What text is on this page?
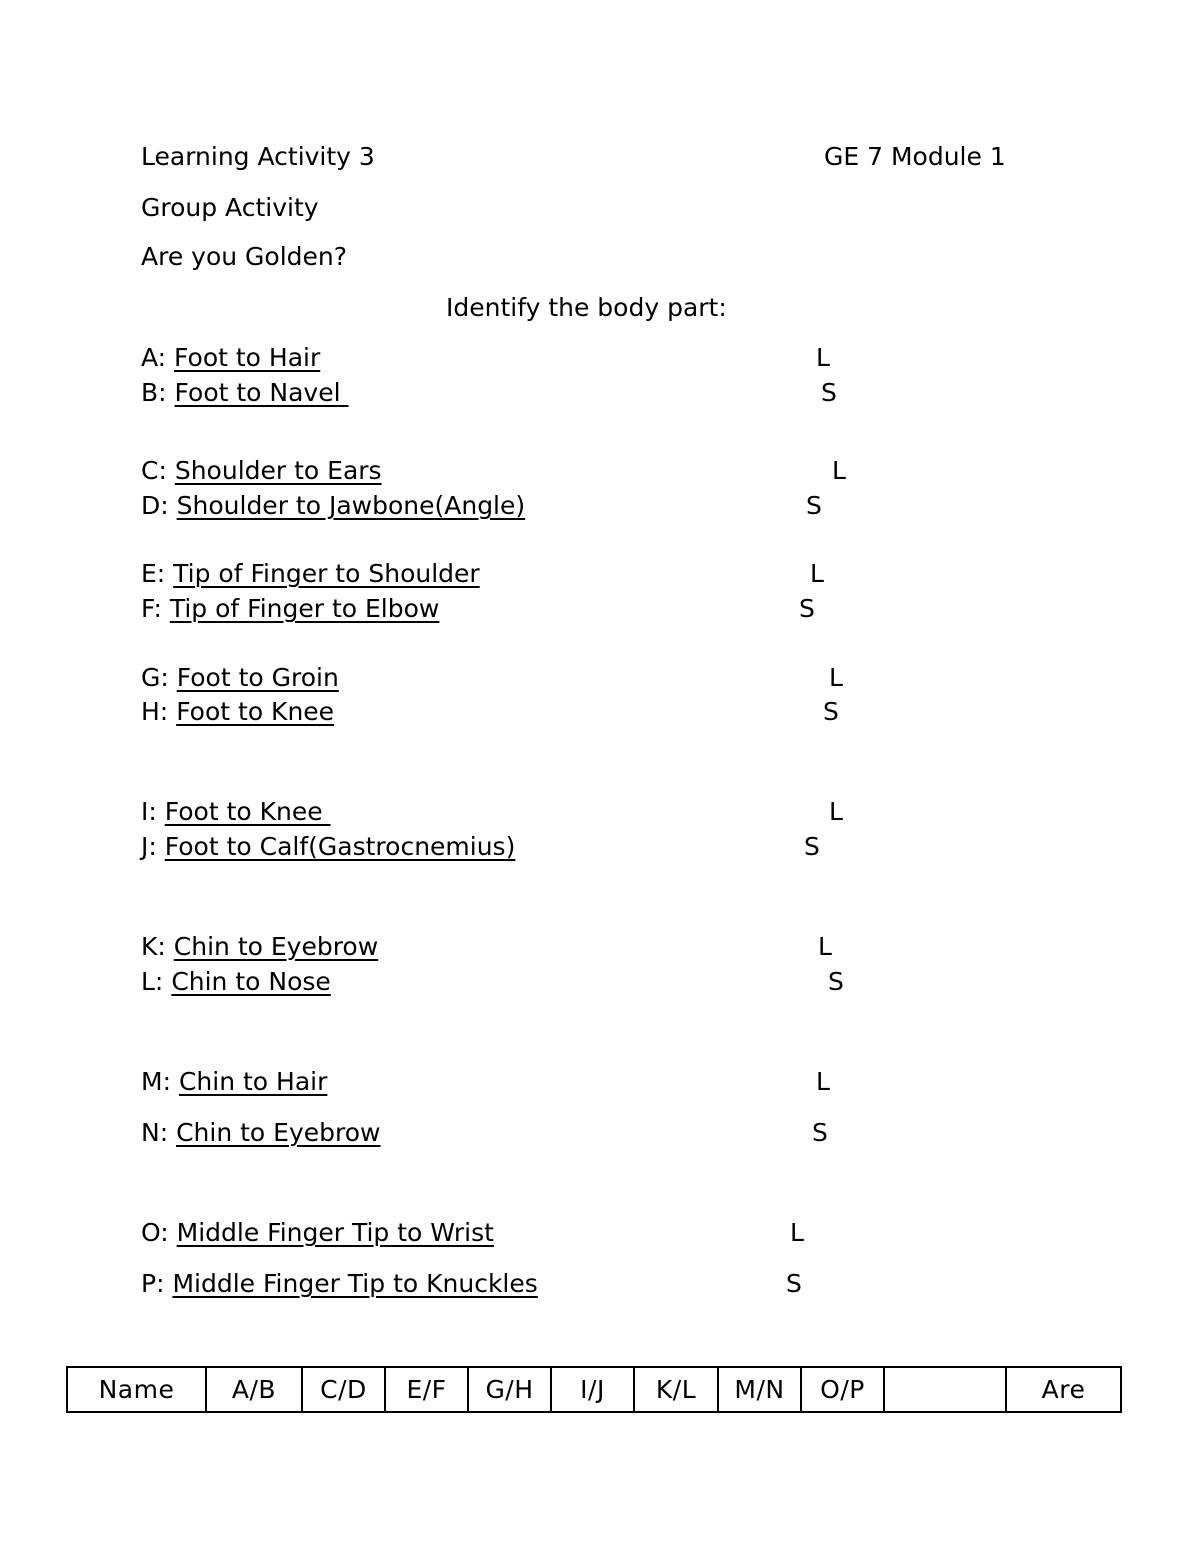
Learning Activity 3	GE 7 Module 1
Group Activity
Are you Golden?
Identify the body part:
A: Foot to Hair	L
B: Foot to Navel	S
C: Shoulder to Ears	L
D: Shoulder to Jawbone(Angle)	S
E: Tip of Finger to Shoulder	L
F: Tip of Finger to Elbow	S
G: Foot to Groin	L
H: Foot to Knee	S
I: Foot to Knee	L
J: Foot to Calf(Gastrocnemius)	S
K: Chin to Eyebrow	L
L: Chin to Nose	S
M: Chin to Hair	L
N: Chin to Eyebrow	S
O: Middle Finger Tip to Wrist	L
P: Middle Finger Tip to Knuckles	S
Name	A/B	C/D	E/F	G/H	I/J	K/L	M/N	O/P		Are
